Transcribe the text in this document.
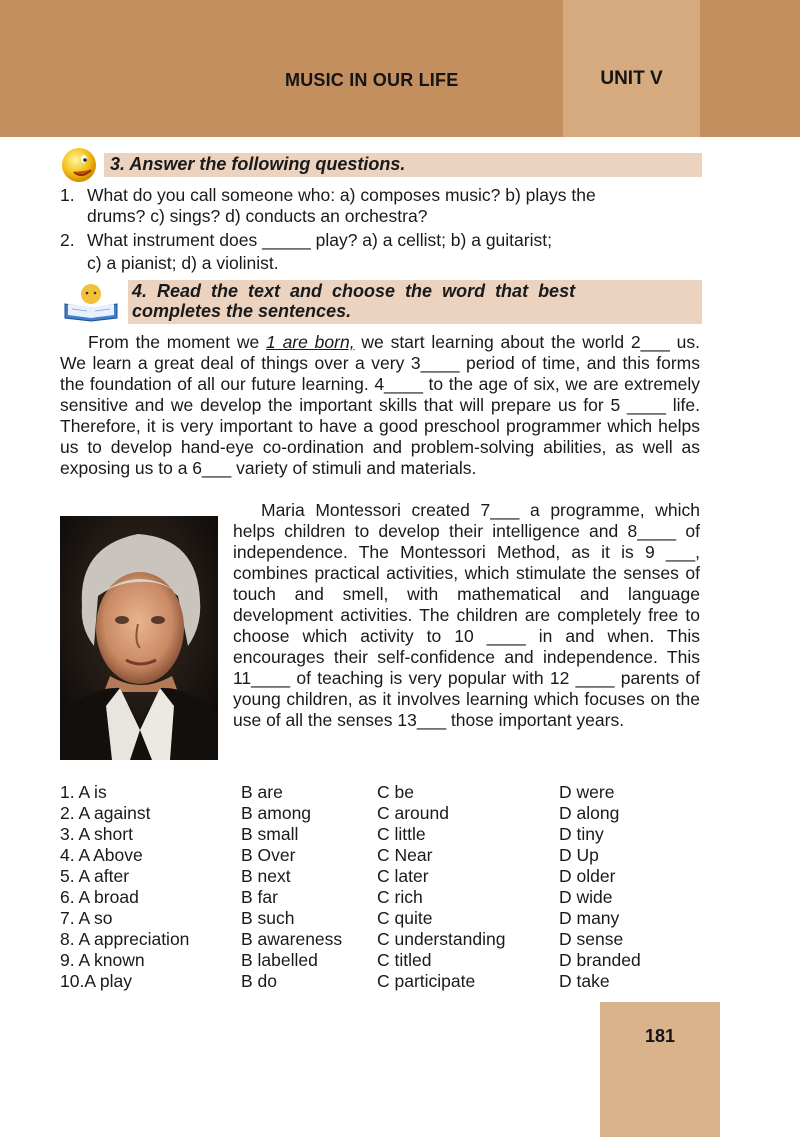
MUSIC IN OUR LIFE	UNIT V
3. Answer the following questions.
1. What do you call someone who: a) composes music? b) plays the
drums? c) sings? d) conducts an orchestra?
2. What instrument does _____ play? a) a cellist; b) a guitarist;
c) a pianist; d) a violinist.
4.  Read  the  text  and  choose  the  word  that  best
completes the sentences.
From the moment we 1 are born, we start learning about the world 2___ us. We learn a great deal of things over a very 3____ period of time, and this forms the foundation of all our future learning. 4____ to the age of six, we are extremely sensitive and we develop the important skills that will prepare us for 5 ____ life. Therefore, it is very important to have a good preschool programmer which helps us to develop hand-eye co-ordination and problem-solving abilities, as well as exposing us to a 6___ variety of stimuli and materials.
Maria Montessori created 7___ a programme, which helps children to develop their intelligence and 8____ of independence. The Montessori Method, as it is 9 ___, combines practical activities, which stimulate the senses of touch and smell, with mathematical and language development activities. The children are completely free to choose which activity to 10 ____ in and when. This encourages their self-confidence and independence. This 11____ of teaching is very popular with 12 ____ parents of young children, as it involves learning which focuses on the use of all the senses 13___ those important years.
1. A is	B are	C be	D were
2. A against	B among	C around	D along
3. A short	B small	C little	D tiny
4. A Above	B Over	C Near	D Up
5. A after	B next	C later	D older
6. A broad	B far	C rich	D wide
7. A so	B such	C quite	D many
8. A appreciation	B awareness C understanding	D sense
9. A known	B labelled	C titled	D branded
10.A play	B do	C participate	D take
181
